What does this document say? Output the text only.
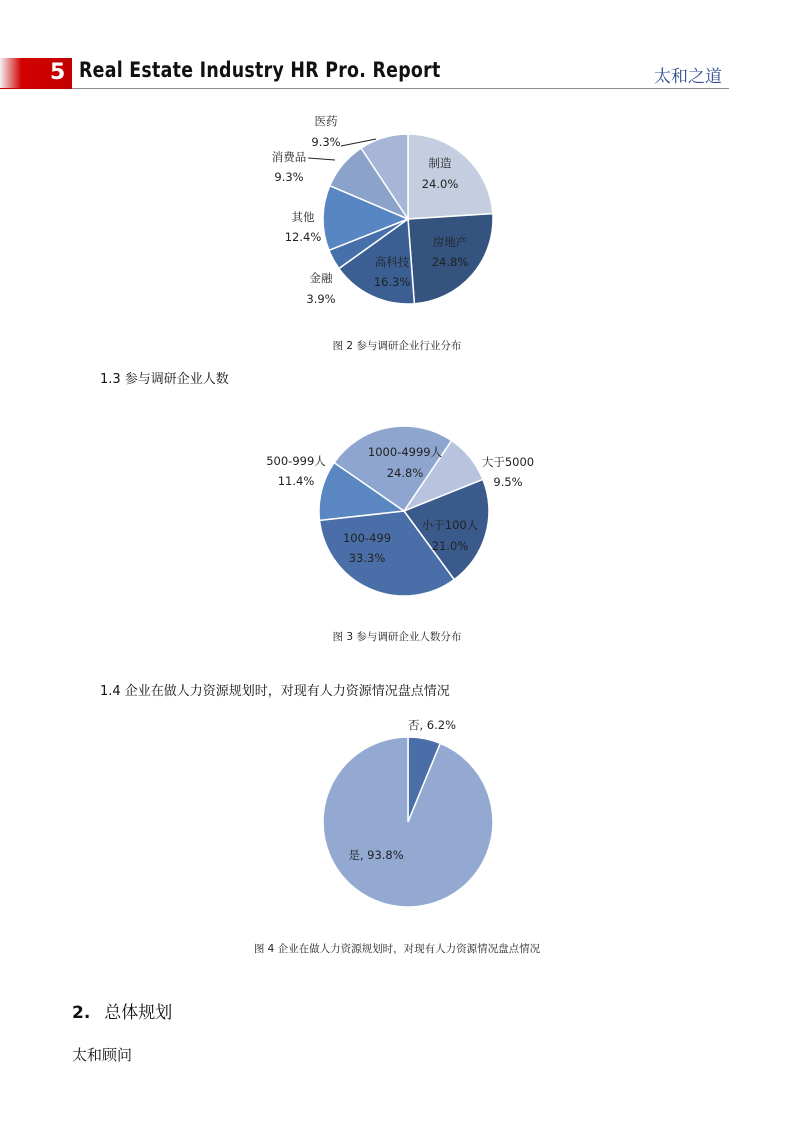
5 Real Estate Industry HR Pro. Report	太和之道
制造
24.0%
房地产
24.8%
高科技
16.3%
金融
3.9%
其他
12.4%
消费品
9.3%
医药
9.3%
图 2 参与调研企业行业分布
1.3 参与调研企业人数
大于5000
9.5%
小于100人
21.0%
100-499
33.3%
500-999人
11.4%
1000-4999人
24.8%
图 3 参与调研企业人数分布
1.4 企业在做人力资源规划时，对现有人力资源情况盘点情况
否, 6.2%
是, 93.8%
图 4 企业在做人力资源规划时，对现有人力资源情况盘点情况
2. 总体规划
太和顾问
